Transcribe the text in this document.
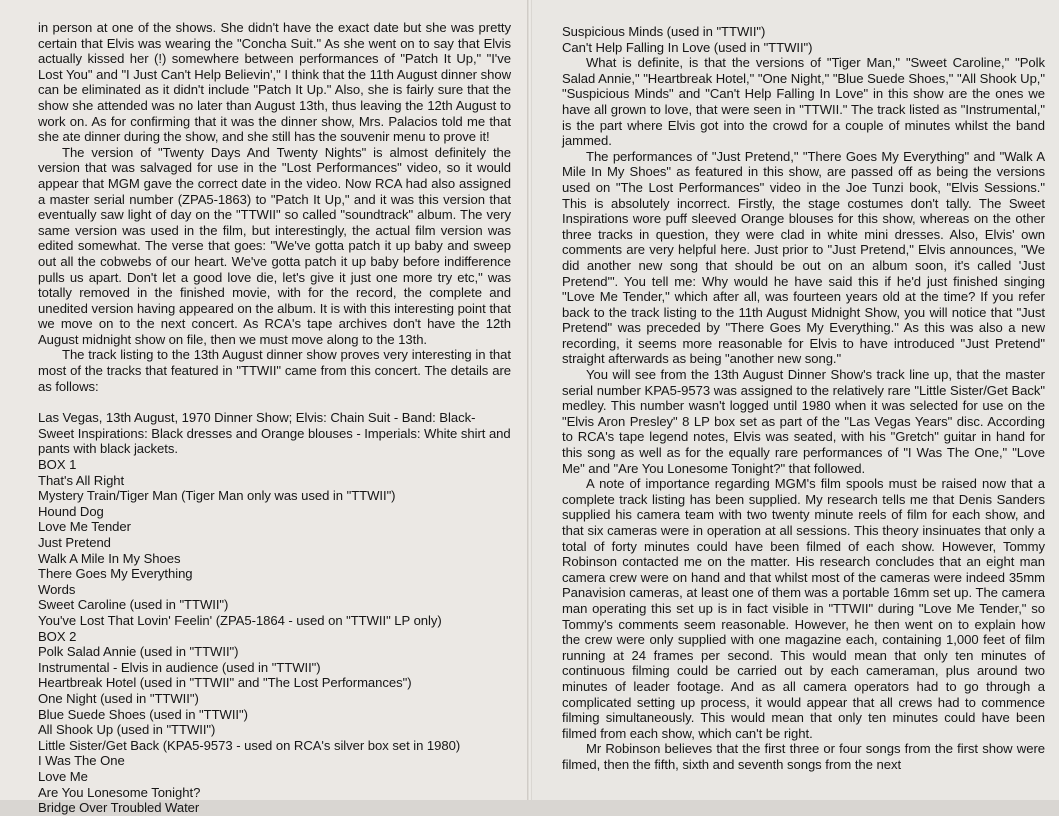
in person at one of the shows. She didn't have the exact date but she was pretty certain that Elvis was wearing the "Concha Suit." As she went on to say that Elvis actually kissed her (!) somewhere between performances of "Patch It Up," "I've Lost You" and "I Just Can't Help Believin'," I think that the 11th August dinner show can be eliminated as it didn't include "Patch It Up." Also, she is fairly sure that the show she attended was no later than August 13th, thus leaving the 12th August to work on. As for confirming that it was the dinner show, Mrs. Palacios told me that she ate dinner during the show, and she still has the souvenir menu to prove it!

The version of "Twenty Days And Twenty Nights" is almost definitely the version that was salvaged for use in the "Lost Performances" video, so it would appear that MGM gave the correct date in the video. Now RCA had also assigned a master serial number (ZPA5-1863) to "Patch It Up," and it was this version that eventually saw light of day on the "TTWII" so called "soundtrack" album. The very same version was used in the film, but interestingly, the actual film version was edited somewhat. The verse that goes: "We've gotta patch it up baby and sweep out all the cobwebs of our heart. We've gotta patch it up baby before indifference pulls us apart. Don't let a good love die, let's give it just one more try etc," was totally removed in the finished movie, with for the record, the complete and unedited version having appeared on the album. It is with this interesting point that we move on to the next concert. As RCA's tape archives don't have the 12th August midnight show on file, then we must move along to the 13th.

The track listing to the 13th August dinner show proves very interesting in that most of the tracks that featured in "TTWII" came from this concert. The details are as follows:

Las Vegas, 13th August, 1970 Dinner Show; Elvis: Chain Suit - Band: Black-Sweet Inspirations: Black dresses and Orange blouses - Imperials: White shirt and pants with black jackets.
BOX 1
That's All Right
Mystery Train/Tiger Man (Tiger Man only was used in "TTWII")
Hound Dog
Love Me Tender
Just Pretend
Walk A Mile In My Shoes
There Goes My Everything
Words
Sweet Caroline (used in "TTWII")
You've Lost That Lovin' Feelin' (ZPA5-1864 - used on "TTWII" LP only)
BOX 2
Polk Salad Annie (used in "TTWII")
Instrumental - Elvis in audience (used in "TTWII")
Heartbreak Hotel (used in "TTWII" and "The Lost Performances")
One Night (used in "TTWII")
Blue Suede Shoes (used in "TTWII")
All Shook Up (used in "TTWII")
Little Sister/Get Back (KPA5-9573 - used on RCA's silver box set in 1980)
I Was The One
Love Me
Are You Lonesome Tonight?
Bridge Over Troubled Water
Suspicious Minds (used in "TTWII")
Can't Help Falling In Love (used in "TTWII")

What is definite, is that the versions of "Tiger Man," "Sweet Caroline," "Polk Salad Annie," "Heartbreak Hotel," "One Night," "Blue Suede Shoes," "All Shook Up," "Suspicious Minds" and "Can't Help Falling In Love" in this show are the ones we have all grown to love, that were seen in "TTWII." The track listed as "Instrumental," is the part where Elvis got into the crowd for a couple of minutes whilst the band jammed.

The performances of "Just Pretend," "There Goes My Everything" and "Walk A Mile In My Shoes" as featured in this show, are passed off as being the versions used on "The Lost Performances" video in the Joe Tunzi book, "Elvis Sessions." This is absolutely incorrect. Firstly, the stage costumes don't tally. The Sweet Inspirations wore puff sleeved Orange blouses for this show, whereas on the other three tracks in question, they were clad in white mini dresses. Also, Elvis' own comments are very helpful here. Just prior to "Just Pretend," Elvis announces, "We did another new song that should be out on an album soon, it's called 'Just Pretend'". You tell me: Why would he have said this if he'd just finished singing "Love Me Tender," which after all, was fourteen years old at the time? If you refer back to the track listing to the 11th August Midnight Show, you will notice that "Just Pretend" was preceded by "There Goes My Everything." As this was also a new recording, it seems more reasonable for Elvis to have introduced "Just Pretend" straight afterwards as being "another new song."

You will see from the 13th August Dinner Show's track line up, that the master serial number KPA5-9573 was assigned to the relatively rare "Little Sister/Get Back" medley. This number wasn't logged until 1980 when it was selected for use on the "Elvis Aron Presley" 8 LP box set as part of the "Las Vegas Years" disc. According to RCA's tape legend notes, Elvis was seated, with his "Gretch" guitar in hand for this song as well as for the equally rare performances of "I Was The One," "Love Me" and "Are You Lonesome Tonight?" that followed.

A note of importance regarding MGM's film spools must be raised now that a complete track listing has been supplied. My research tells me that Denis Sanders supplied his camera team with two twenty minute reels of film for each show, and that six cameras were in operation at all sessions. This theory insinuates that only a total of forty minutes could have been filmed of each show. However, Tommy Robinson contacted me on the matter. His research concludes that an eight man camera crew were on hand and that whilst most of the cameras were indeed 35mm Panavision cameras, at least one of them was a portable 16mm set up. The camera man operating this set up is in fact visible in "TTWII" during "Love Me Tender," so Tommy's comments seem reasonable. However, he then went on to explain how the crew were only supplied with one magazine each, containing 1,000 feet of film running at 24 frames per second. This would mean that only ten minutes of continuous filming could be carried out by each cameraman, plus around two minutes of leader footage. And as all camera operators had to go through a complicated setting up process, it would appear that all crews had to commence filming simultaneously. This would mean that only ten minutes could have been filmed from each show, which can't be right.

Mr Robinson believes that the first three or four songs from the first show were filmed, then the fifth, sixth and seventh songs from the next
